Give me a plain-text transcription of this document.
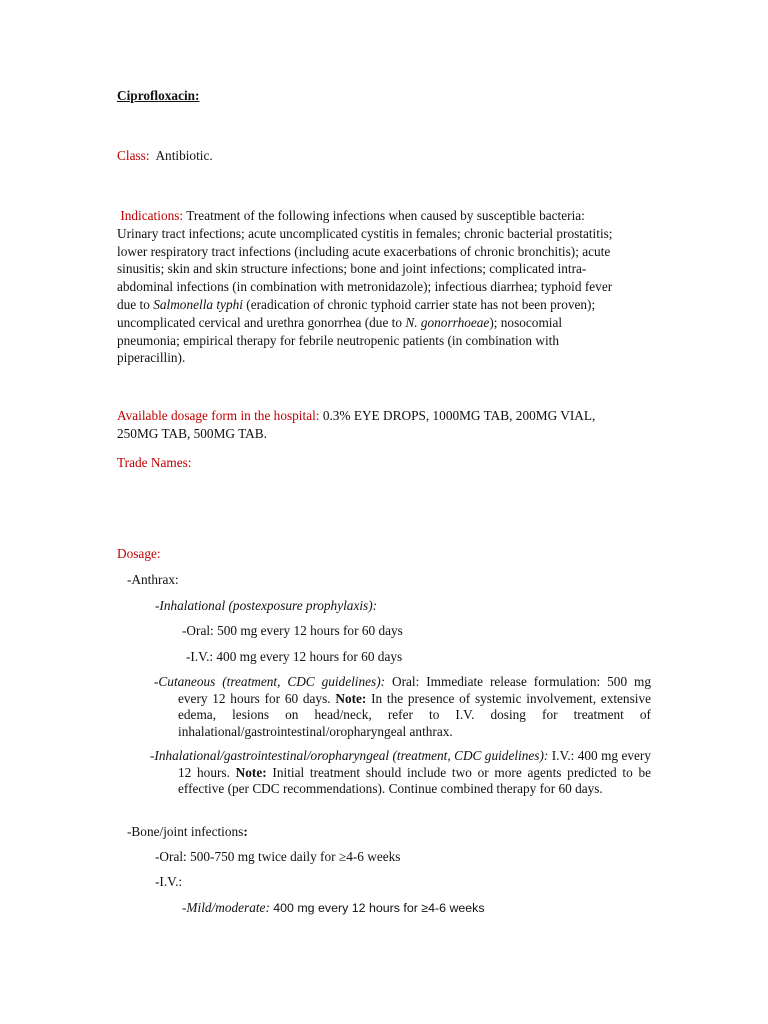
Ciprofloxacin:
Class: Antibiotic.
Indications: Treatment of the following infections when caused by susceptible bacteria: Urinary tract infections; acute uncomplicated cystitis in females; chronic bacterial prostatitis; lower respiratory tract infections (including acute exacerbations of chronic bronchitis); acute sinusitis; skin and skin structure infections; bone and joint infections; complicated intra-abdominal infections (in combination with metronidazole); infectious diarrhea; typhoid fever due to Salmonella typhi (eradication of chronic typhoid carrier state has not been proven); uncomplicated cervical and urethra gonorrhea (due to N. gonorrhoeae); nosocomial pneumonia; empirical therapy for febrile neutropenic patients (in combination with piperacillin).
Available dosage form in the hospital: 0.3% EYE DROPS, 1000MG TAB, 200MG VIAL, 250MG TAB, 500MG TAB.
Trade Names:
Dosage:
-Anthrax:
-Inhalational (postexposure prophylaxis):
-Oral: 500 mg every 12 hours for 60 days
-I.V.: 400 mg every 12 hours for 60 days
-Cutaneous (treatment, CDC guidelines): Oral: Immediate release formulation: 500 mg every 12 hours for 60 days. Note: In the presence of systemic involvement, extensive edema, lesions on head/neck, refer to I.V. dosing for treatment of inhalational/gastrointestinal/oropharyngeal anthrax.
-Inhalational/gastrointestinal/oropharyngeal (treatment, CDC guidelines): I.V.: 400 mg every 12 hours. Note: Initial treatment should include two or more agents predicted to be effective (per CDC recommendations). Continue combined therapy for 60 days.
-Bone/joint infections:
-Oral: 500-750 mg twice daily for ≥4-6 weeks
-I.V.:
-Mild/moderate: 400 mg every 12 hours for ≥4-6 weeks
